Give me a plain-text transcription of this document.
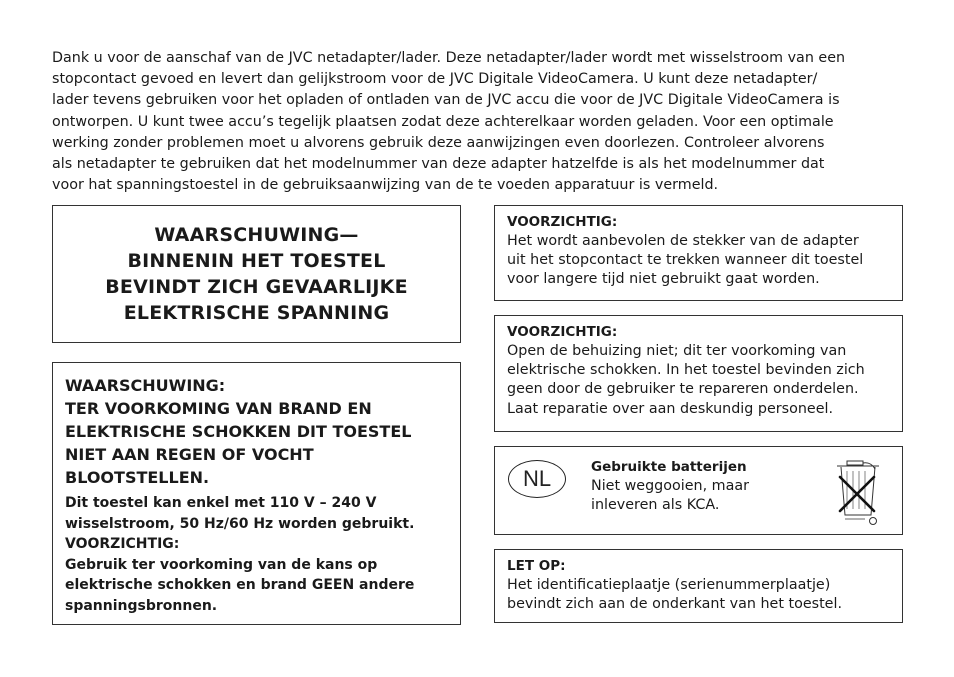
Dank u voor de aanschaf van de JVC netadapter/lader. Deze netadapter/lader wordt met wisselstroom van een
stopcontact gevoed en levert dan gelijkstroom voor de JVC Digitale VideoCamera. U kunt deze netadapter/
lader tevens gebruiken voor het opladen of ontladen van de JVC accu die voor de JVC Digitale VideoCamera is
ontworpen. U kunt twee accu’s tegelijk plaatsen zodat deze achterelkaar worden geladen. Voor een optimale
werking zonder problemen moet u alvorens gebruik deze aanwijzingen even doorlezen. Controleer alvorens
als netadapter te gebruiken dat het modelnummer van deze adapter hatzelfde is als het modelnummer dat
voor hat spanningstoestel in de gebruiksaanwijzing van de te voeden apparatuur is vermeld.

WAARSCHUWING—
BINNENIN HET TOESTEL
BEVINDT ZICH GEVAARLIJKE
ELEKTRISCHE SPANNING

WAARSCHUWING:

TER VOORKOMING VAN BRAND EN

ELEKTRISCHE SCHOKKEN DIT TOESTEL

NIET AAN REGEN OF VOCHT

BLOOTSTELLEN.

Dit toestel kan enkel met 110 V – 240 V

wisselstroom, 50 Hz/60 Hz worden gebruikt.

VOORZICHTIG:

Gebruik ter voorkoming van de kans op

elektrische schokken en brand GEEN andere

spanningsbronnen.

VOORZICHTIG:

Het wordt aanbevolen de stekker van de adapter

uit het stopcontact te trekken wanneer dit toestel

voor langere tijd niet gebruikt gaat worden.

VOORZICHTIG:

Open de behuizing niet; dit ter voorkoming van

elektrische schokken. In het toestel bevinden zich

geen door de gebruiker te repareren onderdelen.

Laat reparatie over aan deskundig personeel.

NL	Gebruikte batterijen

Niet weggooien, maar

inleveren als KCA.

LET OP:

Het identificatieplaatje (serienummerplaatje)

bevindt zich aan de onderkant van het toestel.
